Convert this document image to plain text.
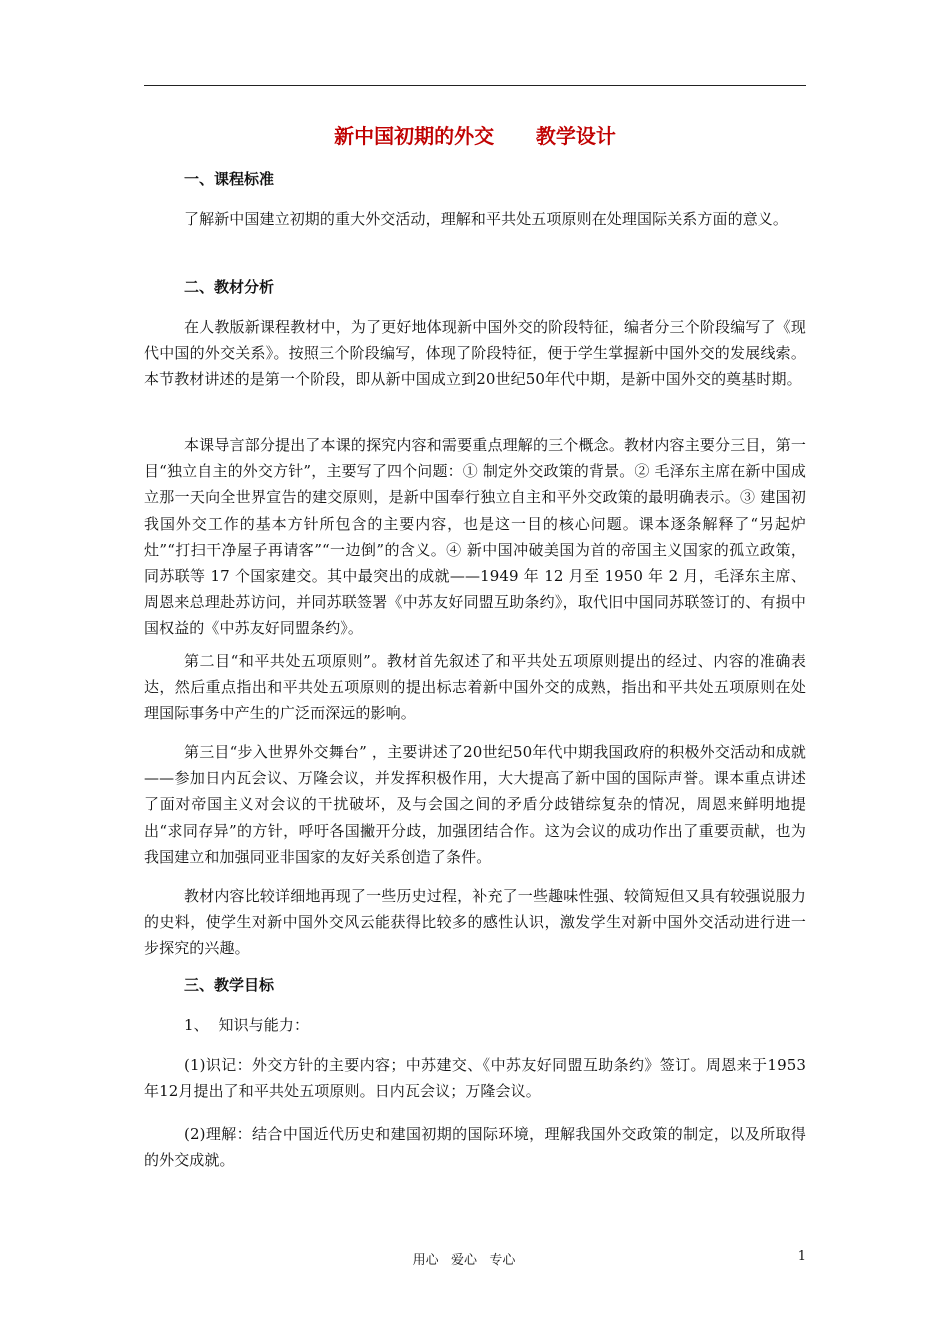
新中国初期的外交      教学设计
一、课程标准
了解新中国建立初期的重大外交活动，理解和平共处五项原则在处理国际关系方面的意义。
二、教材分析
在人教版新课程教材中，为了更好地体现新中国外交的阶段特征，编者分三个阶段编写了《现代中国的外交关系》。按照三个阶段编写，体现了阶段特征，便于学生掌握新中国外交的发展线索。本节教材讲述的是第一个阶段，即从新中国成立到20世纪50年代中期，是新中国外交的奠基时期。
本课导言部分提出了本课的探究内容和需要重点理解的三个概念。教材内容主要分三目，第一目“独立自主的外交方针”，主要写了四个问题：① 制定外交政策的背景。② 毛泽东主席在新中国成立那一天向全世界宣告的建交原则，是新中国奉行独立自主和平外交政策的最明确表示。③ 建国初我国外交工作的基本方针所包含的主要内容，也是这一目的核心问题。课本逐条解释了“另起炉灶”“打扫干净屋子再请客”“一边倒”的含义。④ 新中国冲破美国为首的帝国主义国家的孤立政策，同苏联等 17 个国家建交。其中最突出的成就——1949 年 12 月至 1950 年 2 月，毛泽东主席、周恩来总理赴苏访问，并同苏联签署《中苏友好同盟互助条约》，取代旧中国同苏联签订的、有损中国权益的《中苏友好同盟条约》。
第二目“和平共处五项原则”。教材首先叙述了和平共处五项原则提出的经过、内容的准确表达，然后重点指出和平共处五项原则的提出标志着新中国外交的成熟，指出和平共处五项原则在处理国际事务中产生的广泛而深远的影响。
第三目“步入世界外交舞台” ，主要讲述了20世纪50年代中期我国政府的积极外交活动和成就——参加日内瓦会议、万隆会议，并发挥积极作用，大大提高了新中国的国际声誉。课本重点讲述了面对帝国主义对会议的干扰破坏，及与会国之间的矛盾分歧错综复杂的情况，周恩来鲜明地提出“求同存异”的方针，呼吁各国撇开分歧，加强团结合作。这为会议的成功作出了重要贡献，也为我国建立和加强同亚非国家的友好关系创造了条件。
教材内容比较详细地再现了一些历史过程，补充了一些趣味性强、较简短但又具有较强说服力的史料，使学生对新中国外交风云能获得比较多的感性认识，激发学生对新中国外交活动进行进一步探究的兴趣。
三、教学目标
1、  知识与能力：
(1)识记：外交方针的主要内容；中苏建交、《中苏友好同盟互助条约》签订。周恩来于1953 年12月提出了和平共处五项原则。日内瓦会议；万隆会议。
(2)理解：结合中国近代历史和建国初期的国际环境，理解我国外交政策的制定，以及所取得的外交成就。
用心   爱心   专心	1
